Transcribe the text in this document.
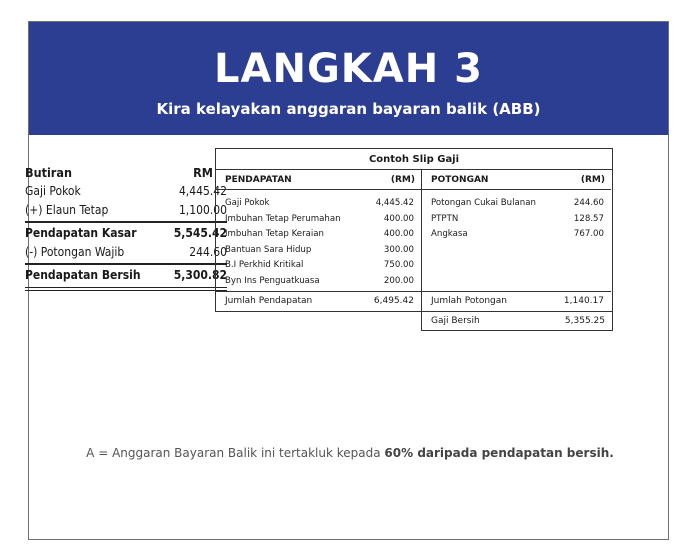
LANGKAH 3
Kira kelayakan anggaran bayaran balik (ABB)
Butiran	RM
Gaji Pokok	4,445.42
(+) Elaun Tetap	1,100.00
Pendapatan Kasar	5,545.42
(-) Potongan Wajib	244.60
Pendapatan Bersih	5,300.82
Contoh Slip Gaji
PENDAPATAN	(RM)
Gaji Pokok	4,445.42
Imbuhan Tetap Perumahan	400.00
Imbuhan Tetap Keraian	400.00
Bantuan Sara Hidup	300.00
B.I Perkhid Kritikal	750.00
Byn Ins Penguatkuasa	200.00
Jumlah Pendapatan	6,495.42
POTONGAN	(RM)
Potongan Cukai Bulanan	244.60
PTPTN	128.57
Angkasa	767.00
Jumlah Potongan	1,140.17
Gaji Bersih	5,355.25
A = Anggaran Bayaran Balik ini tertakluk kepada 60% daripada pendapatan bersih.
